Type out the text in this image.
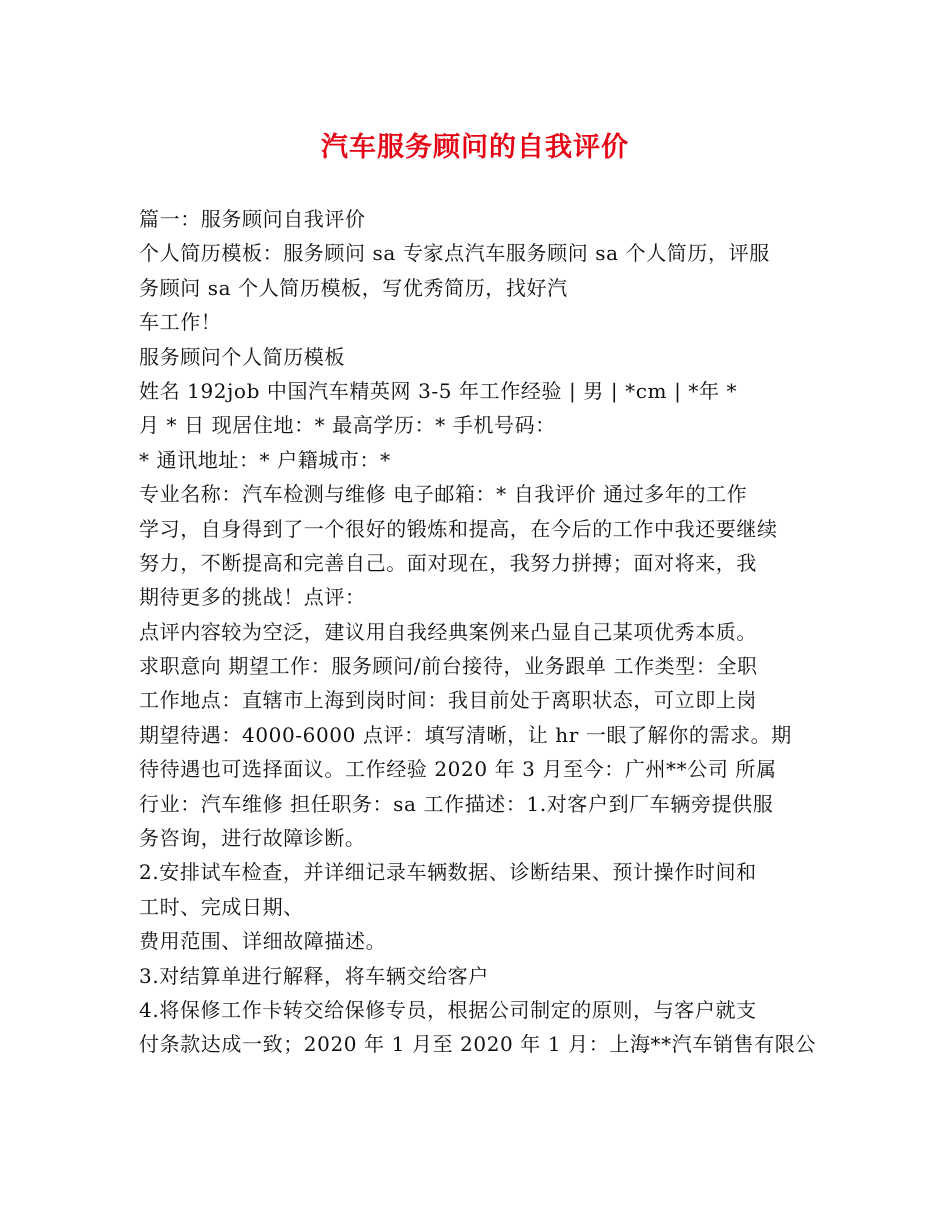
汽车服务顾问的自我评价
篇一：服务顾问自我评价
个人简历模板：服务顾问 sa 专家点汽车服务顾问 sa 个人简历，评服
务顾问 sa 个人简历模板，写优秀简历，找好汽
车工作！
服务顾问个人简历模板
姓名 192job 中国汽车精英网 3-5 年工作经验 | 男 | *cm | *年 *
月 * 日 现居住地：* 最高学历：* 手机号码：
* 通讯地址：* 户籍城市：*
专业名称：汽车检测与维修 电子邮箱：* 自我评价 通过多年的工作
学习，自身得到了一个很好的锻炼和提高，在今后的工作中我还要继续
努力，不断提高和完善自己。面对现在，我努力拼搏；面对将来，我
期待更多的挑战！点评：
点评内容较为空泛，建议用自我经典案例来凸显自己某项优秀本质。
求职意向 期望工作：服务顾问/前台接待，业务跟单 工作类型：全职
工作地点：直辖市上海到岗时间：我目前处于离职状态，可立即上岗
期望待遇：4000-6000 点评：填写清晰，让 hr 一眼了解你的需求。期
待待遇也可选择面议。工作经验 2020 年 3 月至今：广州**公司 所属
行业：汽车维修 担任职务：sa 工作描述：1.对客户到厂车辆旁提供服
务咨询，进行故障诊断。
2.安排试车检查，并详细记录车辆数据、诊断结果、预计操作时间和
工时、完成日期、
费用范围、详细故障描述。
3.对结算单进行解释，将车辆交给客户
4.将保修工作卡转交给保修专员，根据公司制定的原则，与客户就支
付条款达成一致；2020 年 1 月至 2020 年 1 月：上海**汽车销售有限公
